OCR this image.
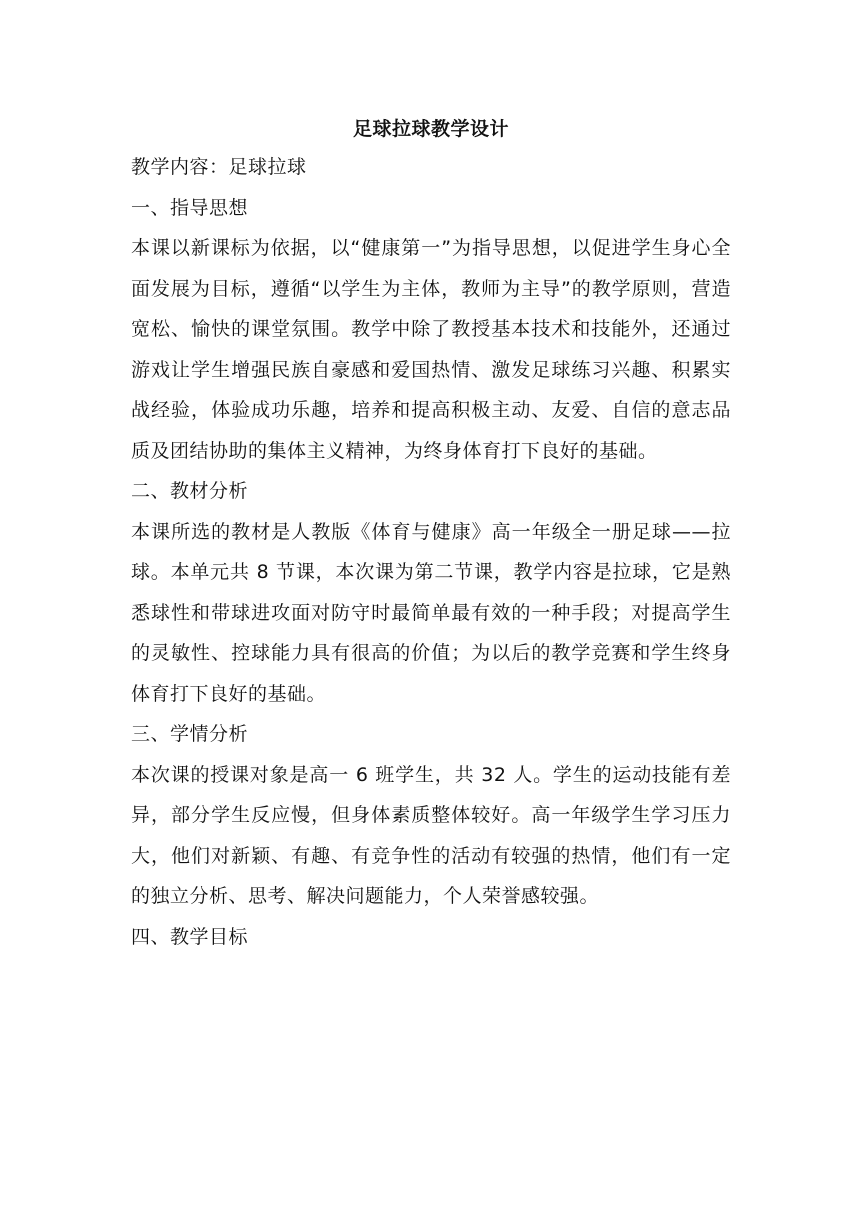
足球拉球教学设计

教学内容：足球拉球

一、指导思想

本课以新课标为依据，以“健康第一”为指导思想，以促进学生身心全面发展为目标，遵循“以学生为主体，教师为主导”的教学原则，营造宽松、愉快的课堂氛围。教学中除了教授基本技术和技能外，还通过游戏让学生增强民族自豪感和爱国热情、激发足球练习兴趣、积累实战经验，体验成功乐趣，培养和提高积极主动、友爱、自信的意志品质及团结协助的集体主义精神，为终身体育打下良好的基础。

二、教材分析

本课所选的教材是人教版《体育与健康》高一年级全一册足球——拉球。本单元共 8 节课，本次课为第二节课，教学内容是拉球，它是熟悉球性和带球进攻面对防守时最简单最有效的一种手段；对提高学生的灵敏性、控球能力具有很高的价值；为以后的教学竞赛和学生终身体育打下良好的基础。

三、学情分析

本次课的授课对象是高一 6 班学生，共 32 人。学生的运动技能有差异，部分学生反应慢，但身体素质整体较好。高一年级学生学习压力大，他们对新颖、有趣、有竞争性的活动有较强的热情，他们有一定的独立分析、思考、解决问题能力，个人荣誉感较强。

四、教学目标
